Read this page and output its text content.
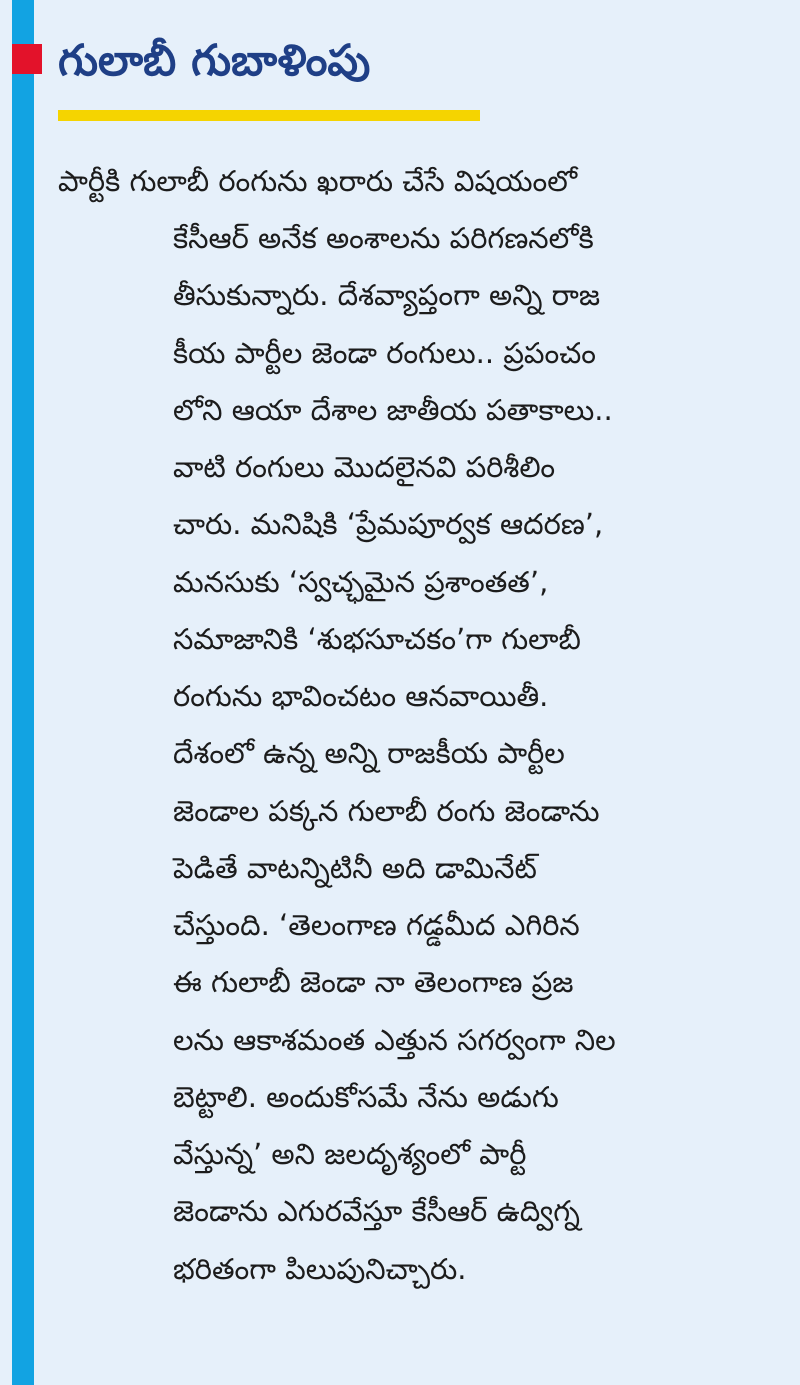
గులాబీ గుబాళింపు
పార్టీకి గులాబీ రంగును ఖరారు చేసే విషయంలో
కేసీఆర్ అనేక అంశాలను పరిగణనలోకి
తీసుకున్నారు. దేశవ్యాప్తంగా అన్ని రాజ
కీయ పార్టీల జెండా రంగులు.. ప్రపంచం
లోని ఆయా దేశాల జాతీయ పతాకాలు..
వాటి రంగులు మొదలైనవి పరిశీలిం
చారు. మనిషికి ‘ప్రేమపూర్వక ఆదరణ’,
మనసుకు ‘స్వచ్ఛమైన ప్రశాంతత’,
సమాజానికి ‘శుభసూచకం’గా గులాబీ
రంగును భావించటం ఆనవాయితీ.
దేశంలో ఉన్న అన్ని రాజకీయ పార్టీల
జెండాల పక్కన గులాబీ రంగు జెండాను
పెడితే వాటన్నిటినీ అది డామినేట్
చేస్తుంది. ‘తెలంగాణ గడ్డమీద ఎగిరిన
ఈ గులాబీ జెండా నా తెలంగాణ ప్రజ
లను ఆకాశమంత ఎత్తున సగర్వంగా నిల
బెట్టాలి. అందుకోసమే నేను అడుగు
వేస్తున్న’ అని జలదృశ్యంలో పార్టీ
జెండాను ఎగురవేస్తూ కేసీఆర్ ఉద్విగ్న
భరితంగా పిలుపునిచ్చారు.
